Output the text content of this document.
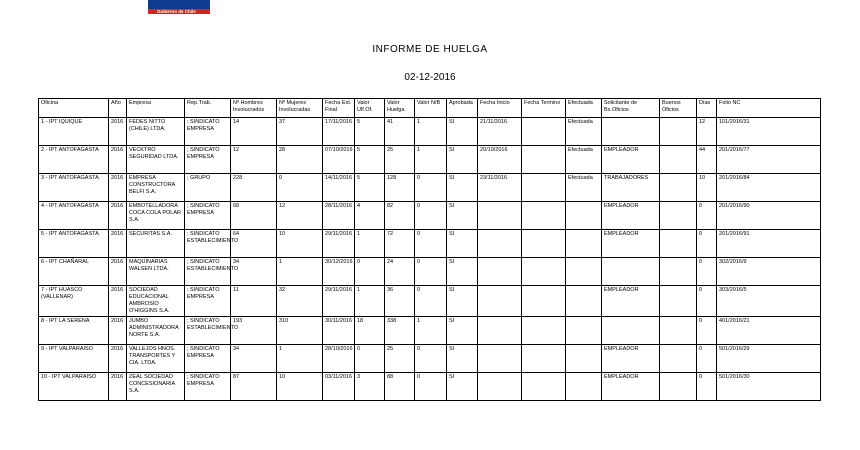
Gobierno de Chile
INFORME DE HUELGA
02-12-2016
Oficina	Año	Empresa	Rep.Trab.	Nº Hombres Involucrados	Nº Mujeres Involucradas	Fecha Ext. Final	Valor Ulf.Of.	Valor Huelga	Valor N/B	Aprobada	Fecha Inicio	Fecha Termino	Efectuada	Solicitante de Bs.Oficios	Buenos Oficios	Días	Folio NC
1 - IPT IQUIQUE	2016	FEDES NITTO (CHILE) LTDA.	; SINDICATO EMPRESA	14	37	17/11/2016	5	41	1	SI	21/11/2016		Efectuada			12	101/2016/31
2 - IPT ANTOFAGASTA	2016	VECKTRO SEGURIDAD LTDA.	; SINDICATO EMPRESA	12	28	07/10/2016	5	25	1	SI	20/10/2016		Efectuada	EMPLEADOR		44	201/2016/77
3 - IPT ANTOFAGASTA	2016	EMPRESA CONSTRUCTORA BELFI S.A.	; GRUPO	228	0	14/11/2016	5	128	0	SI	23/11/2016		Efectuada	TRABAJADORES		10	201/2016/84
4 - IPT ANTOFAGASTA	2016	EMBOTELLADORA COCA COLA POLAR S.A.	; SINDICATO EMPRESA	68	12	28/11/2016	4	82	0	SI				EMPLEADOR		0	201/2016/90
5 - IPT ANTOFAGASTA	2016	SECURITAS S.A.	; SINDICATO ESTABLECIMIENTO	64	10	29/11/2016	1	72	0	SI				EMPLEADOR		0	201/2016/91
6 - IPT CHAÑARAL	2016	MAQUINARIAS WALSEN LTDA.	; SINDICATO ESTABLECIMIENTO	34	1	30/12/2016	0	24	0	SI						0	302/2016/9
7 - IPT HUASCO (VALLENAR)	2016	SOCIEDAD EDUCACIONAL AMBROSIO O'HIGGINS S.A.	; SINDICATO EMPRESA	11	32	29/11/2016	1	36	0	SI				EMPLEADOR		0	303/2016/5
8 - IPT LA SERENA	2016	JUMBO ADMINISTRADORA NORTE S.A.	; SINDICATO ESTABLECIMIENTO	193	310	30/11/2016	18	338	1	SI						0	401/2016/21
9 - IPT VALPARAISO	2016	VALLEJOS HNOS. TRANSPORTES Y CIA. LTDA.	; SINDICATO EMPRESA	34	1	28/10/2016	0	25	0	SI				EMPLEADOR		0	501/2016/29
10 - IPT VALPARAISO	2016	ZEAL SOCIEDAD CONCESIONARIA S.A.	; SINDICATO EMPRESA	87	10	03/11/2016	3	88	0	SI				EMPLEADOR		0	501/2016/30
